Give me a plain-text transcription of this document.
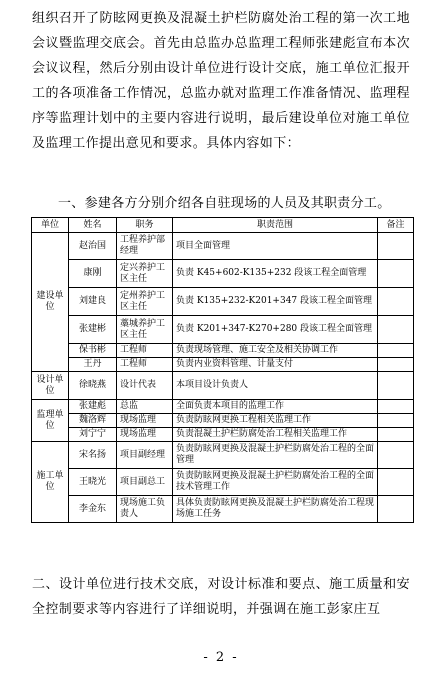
组织召开了防眩网更换及混凝土护栏防腐处治工程的第一次工地会议暨监理交底会。首先由总监办总监理工程师张建彪宣布本次会议议程，然后分别由设计单位进行设计交底，施工单位汇报开工的各项准备工作情况，总监办就对监理工作准备情况、监理程序等监理计划中的主要内容进行说明，最后建设单位对施工单位及监理工作提出意见和要求。具体内容如下：

一、参建各方分别介绍各自驻现场的人员及其职责分工。

单位	姓名	职务	职责范围	备注
建设单位	赵治国	工程养护部经理	项目全面管理	
	康刚	定兴养护工区主任	负责 K45+602-K135+232 段该工程全面管理	
	刘建良	定州养护工区主任	负责 K135+232-K201+347 段该工程全面管理	
	张建彬	藁城养护工区主任	负责 K201+347-K270+280 段该工程全面管理	
	保书彬	工程师	负责现场管理、施工安全及相关协调工作	
	王丹	工程师	负责内业资料管理、计量支付	
设计单位	徐晓燕	设计代表	本项目设计负责人	
监理单位	张建彪	总监	全面负责本项目的监理工作	
	魏洛辉	现场监理	负责防眩网更换工程相关监理工作	
	刘宁宁	现场监理	负责混凝土护栏防腐处治工程相关监理工作	
施工单位	宋名扬	项目副经理	负责防眩网更换及混凝土护栏防腐处治工程的全面管理	
	王晓光	项目副总工	负责防眩网更换及混凝土护栏防腐处治工程的全面技术管理工作	
	李金东	现场施工负责人	具体负责防眩网更换及混凝土护栏防腐处治工程现场施工任务	

二、设计单位进行技术交底，对设计标准和要点、施工质量和安全控制要求等内容进行了详细说明，并强调在施工彭家庄互

- 2 -
